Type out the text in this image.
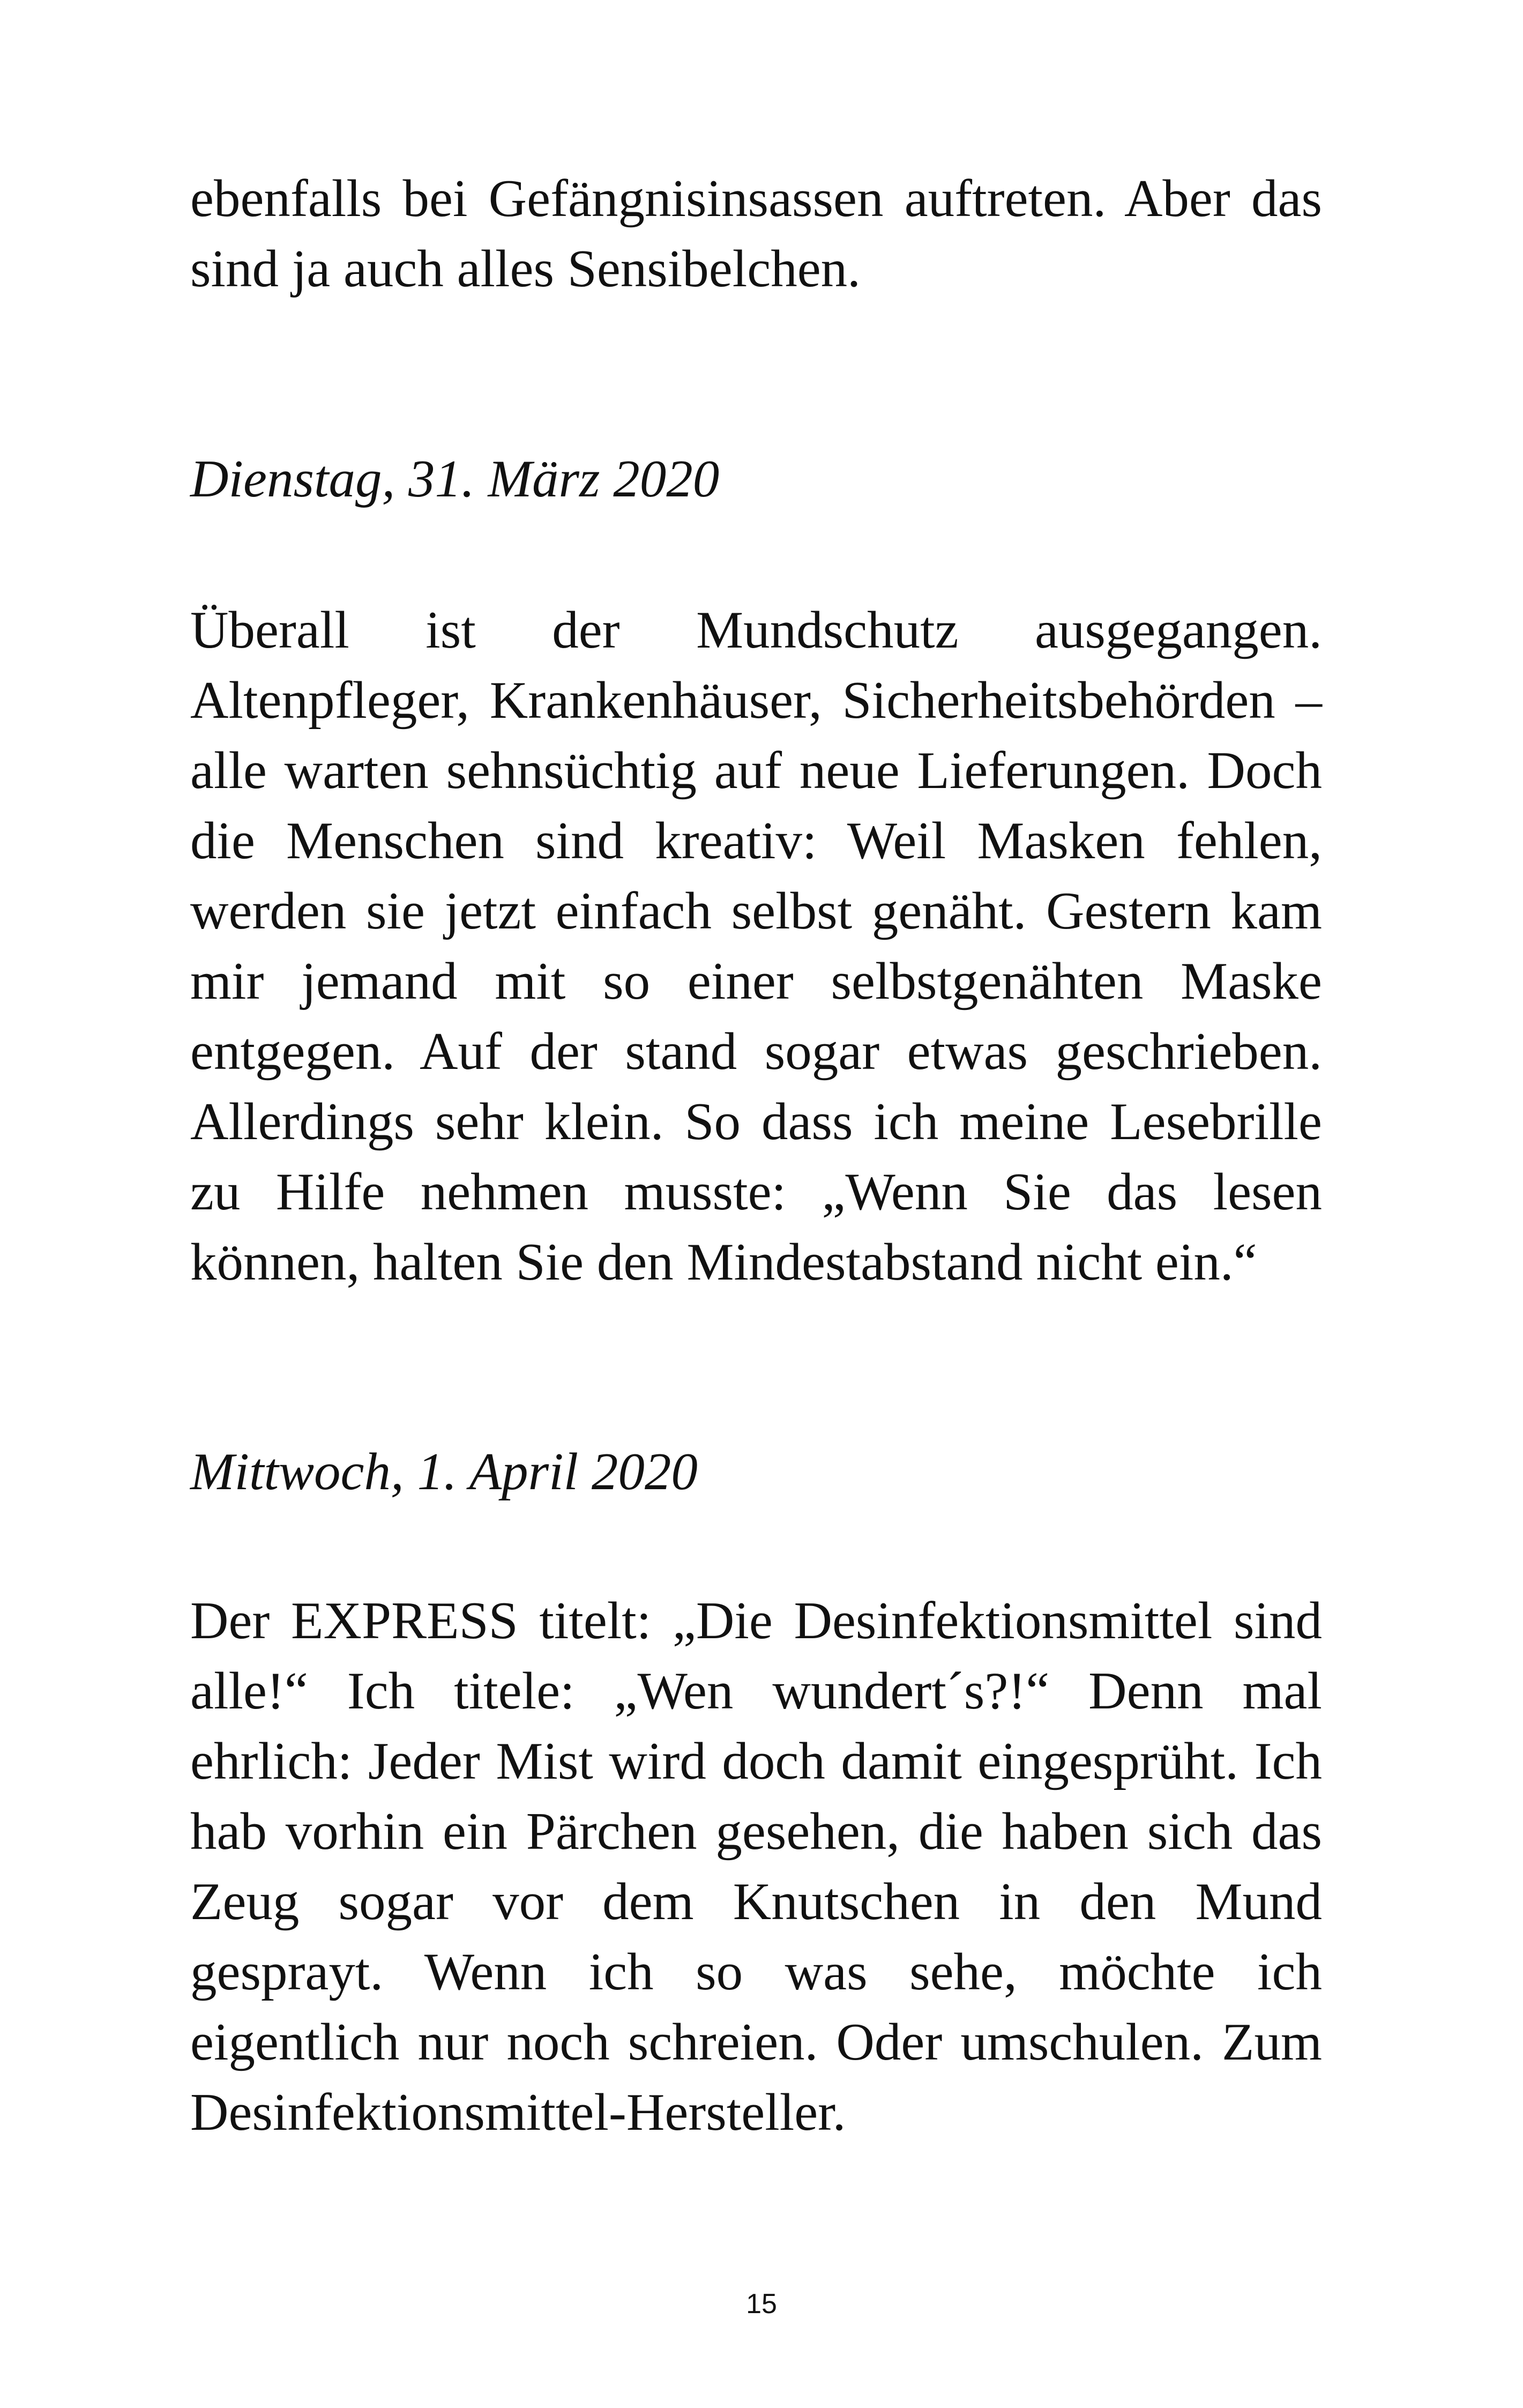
ebenfalls bei Gefängnisinsassen auftreten. Aber das
sind ja auch alles Sensibelchen.
Dienstag, 31. März 2020
Überall ist der Mundschutz ausgegangen.
Altenpfleger, Krankenhäuser, Sicherheitsbehörden –
alle warten sehnsüchtig auf neue Lieferungen. Doch
die Menschen sind kreativ: Weil Masken fehlen,
werden sie jetzt einfach selbst genäht. Gestern kam
mir jemand mit so einer selbstgenähten Maske
entgegen. Auf der stand sogar etwas geschrieben.
Allerdings sehr klein. So dass ich meine Lesebrille
zu Hilfe nehmen musste: „Wenn Sie das lesen
können, halten Sie den Mindestabstand nicht ein.“
Mittwoch, 1. April 2020
Der EXPRESS titelt: „Die Desinfektionsmittel sind
alle!“ Ich titele: „Wen wundert´s?!“ Denn mal
ehrlich: Jeder Mist wird doch damit eingesprüht. Ich
hab vorhin ein Pärchen gesehen, die haben sich das
Zeug sogar vor dem Knutschen in den Mund
gesprayt. Wenn ich so was sehe, möchte ich
eigentlich nur noch schreien. Oder umschulen. Zum
Desinfektionsmittel-Hersteller.
15
